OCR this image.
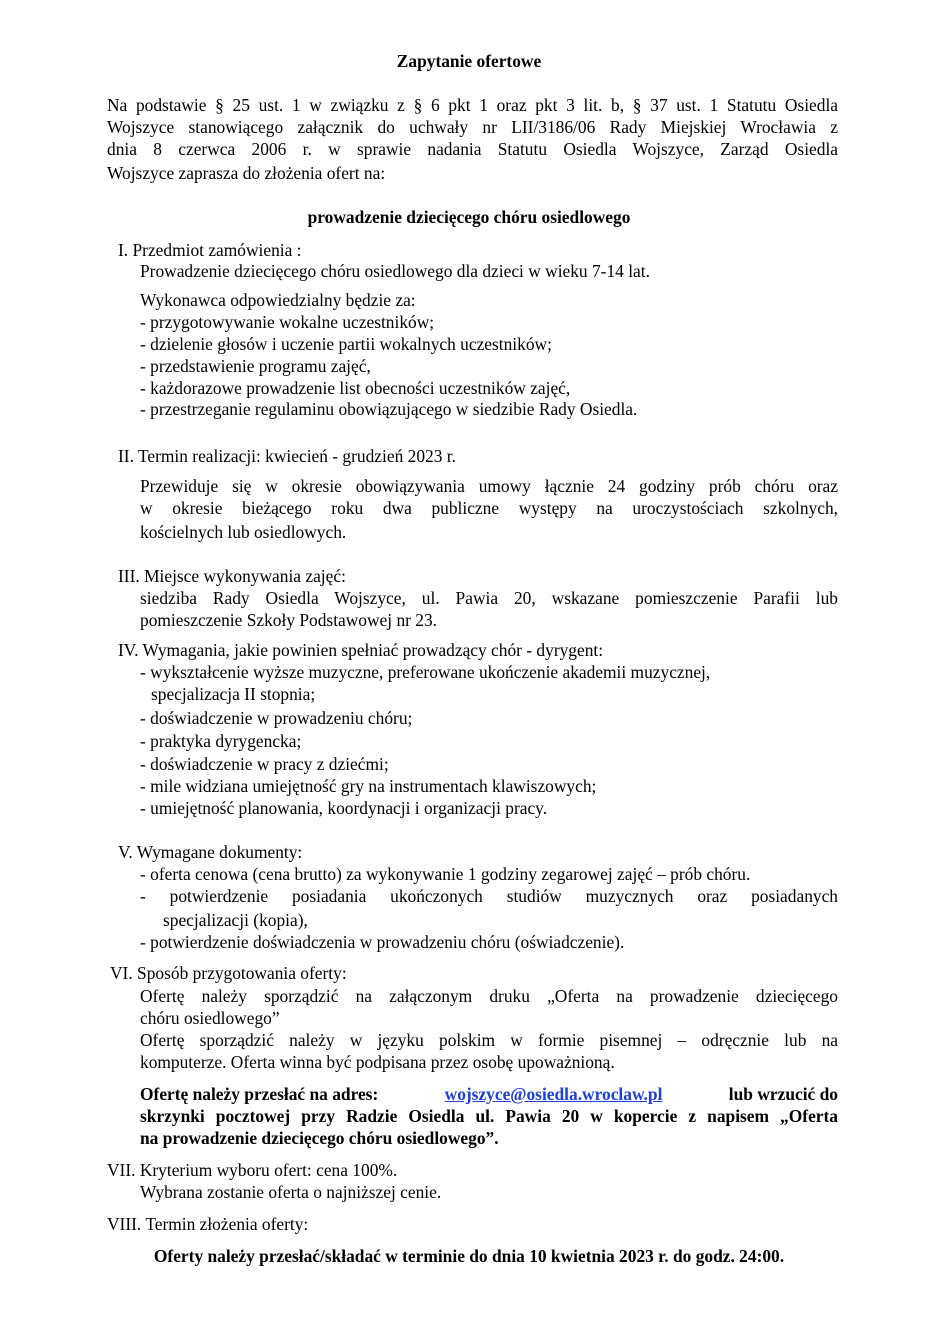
Zapytanie ofertowe
Na podstawie § 25 ust. 1 w związku z § 6 pkt 1 oraz pkt 3 lit. b, § 37 ust. 1 Statutu Osiedla
Wojszyce stanowiącego załącznik do uchwały nr LII/3186/06 Rady Miejskiej Wrocławia z
dnia 8 czerwca 2006 r. w sprawie nadania Statutu Osiedla Wojszyce, Zarząd Osiedla
Wojszyce zaprasza do złożenia ofert na:
prowadzenie dziecięcego chóru osiedlowego
I. Przedmiot zamówienia :
Prowadzenie dziecięcego chóru osiedlowego dla dzieci w wieku 7-14 lat.
Wykonawca odpowiedzialny będzie za:
- przygotowywanie wokalne uczestników;
- dzielenie głosów i uczenie partii wokalnych uczestników;
- przedstawienie programu zajęć,
- każdorazowe prowadzenie list obecności uczestników zajęć,
- przestrzeganie regulaminu obowiązującego w siedzibie Rady Osiedla.
II. Termin realizacji: kwiecień - grudzień 2023 r.
Przewiduje się w okresie obowiązywania umowy łącznie 24 godziny prób chóru oraz
w okresie bieżącego roku dwa publiczne występy na uroczystościach szkolnych,
kościelnych lub osiedlowych.
III. Miejsce wykonywania zajęć:
siedziba Rady Osiedla Wojszyce, ul. Pawia 20, wskazane pomieszczenie Parafii lub
pomieszczenie Szkoły Podstawowej nr 23.
IV. Wymagania, jakie powinien spełniać prowadzący chór - dyrygent:
- wykształcenie wyższe muzyczne, preferowane ukończenie akademii muzycznej,
specjalizacja II stopnia;
- doświadczenie w prowadzeniu chóru;
- praktyka dyrygencka;
- doświadczenie w pracy z dziećmi;
- mile widziana umiejętność gry na instrumentach klawiszowych;
- umiejętność planowania, koordynacji i organizacji pracy.
V. Wymagane dokumenty:
- oferta cenowa (cena brutto) za wykonywanie 1 godziny zegarowej zajęć – prób chóru.
- potwierdzenie posiadania ukończonych studiów muzycznych oraz posiadanych
specjalizacji (kopia),
- potwierdzenie doświadczenia w prowadzeniu chóru (oświadczenie).
VI. Sposób przygotowania oferty:
Ofertę należy sporządzić na załączonym druku „Oferta na prowadzenie dziecięcego
chóru osiedlowego”
Ofertę sporządzić należy w języku polskim w formie pisemnej – odręcznie lub na
komputerze. Oferta winna być podpisana przez osobę upoważnioną.
Ofertę należy przesłać na adres:	wojszyce@osiedla.wroclaw.pl	lub wrzucić do
skrzynki pocztowej przy Radzie Osiedla ul. Pawia 20 w kopercie z napisem „Oferta
na prowadzenie dziecięcego chóru osiedlowego”.
VII. Kryterium wyboru ofert: cena 100%.
Wybrana zostanie oferta o najniższej cenie.
VIII. Termin złożenia oferty:
Oferty należy przesłać/składać w terminie do dnia 10 kwietnia 2023 r. do godz. 24:00.
